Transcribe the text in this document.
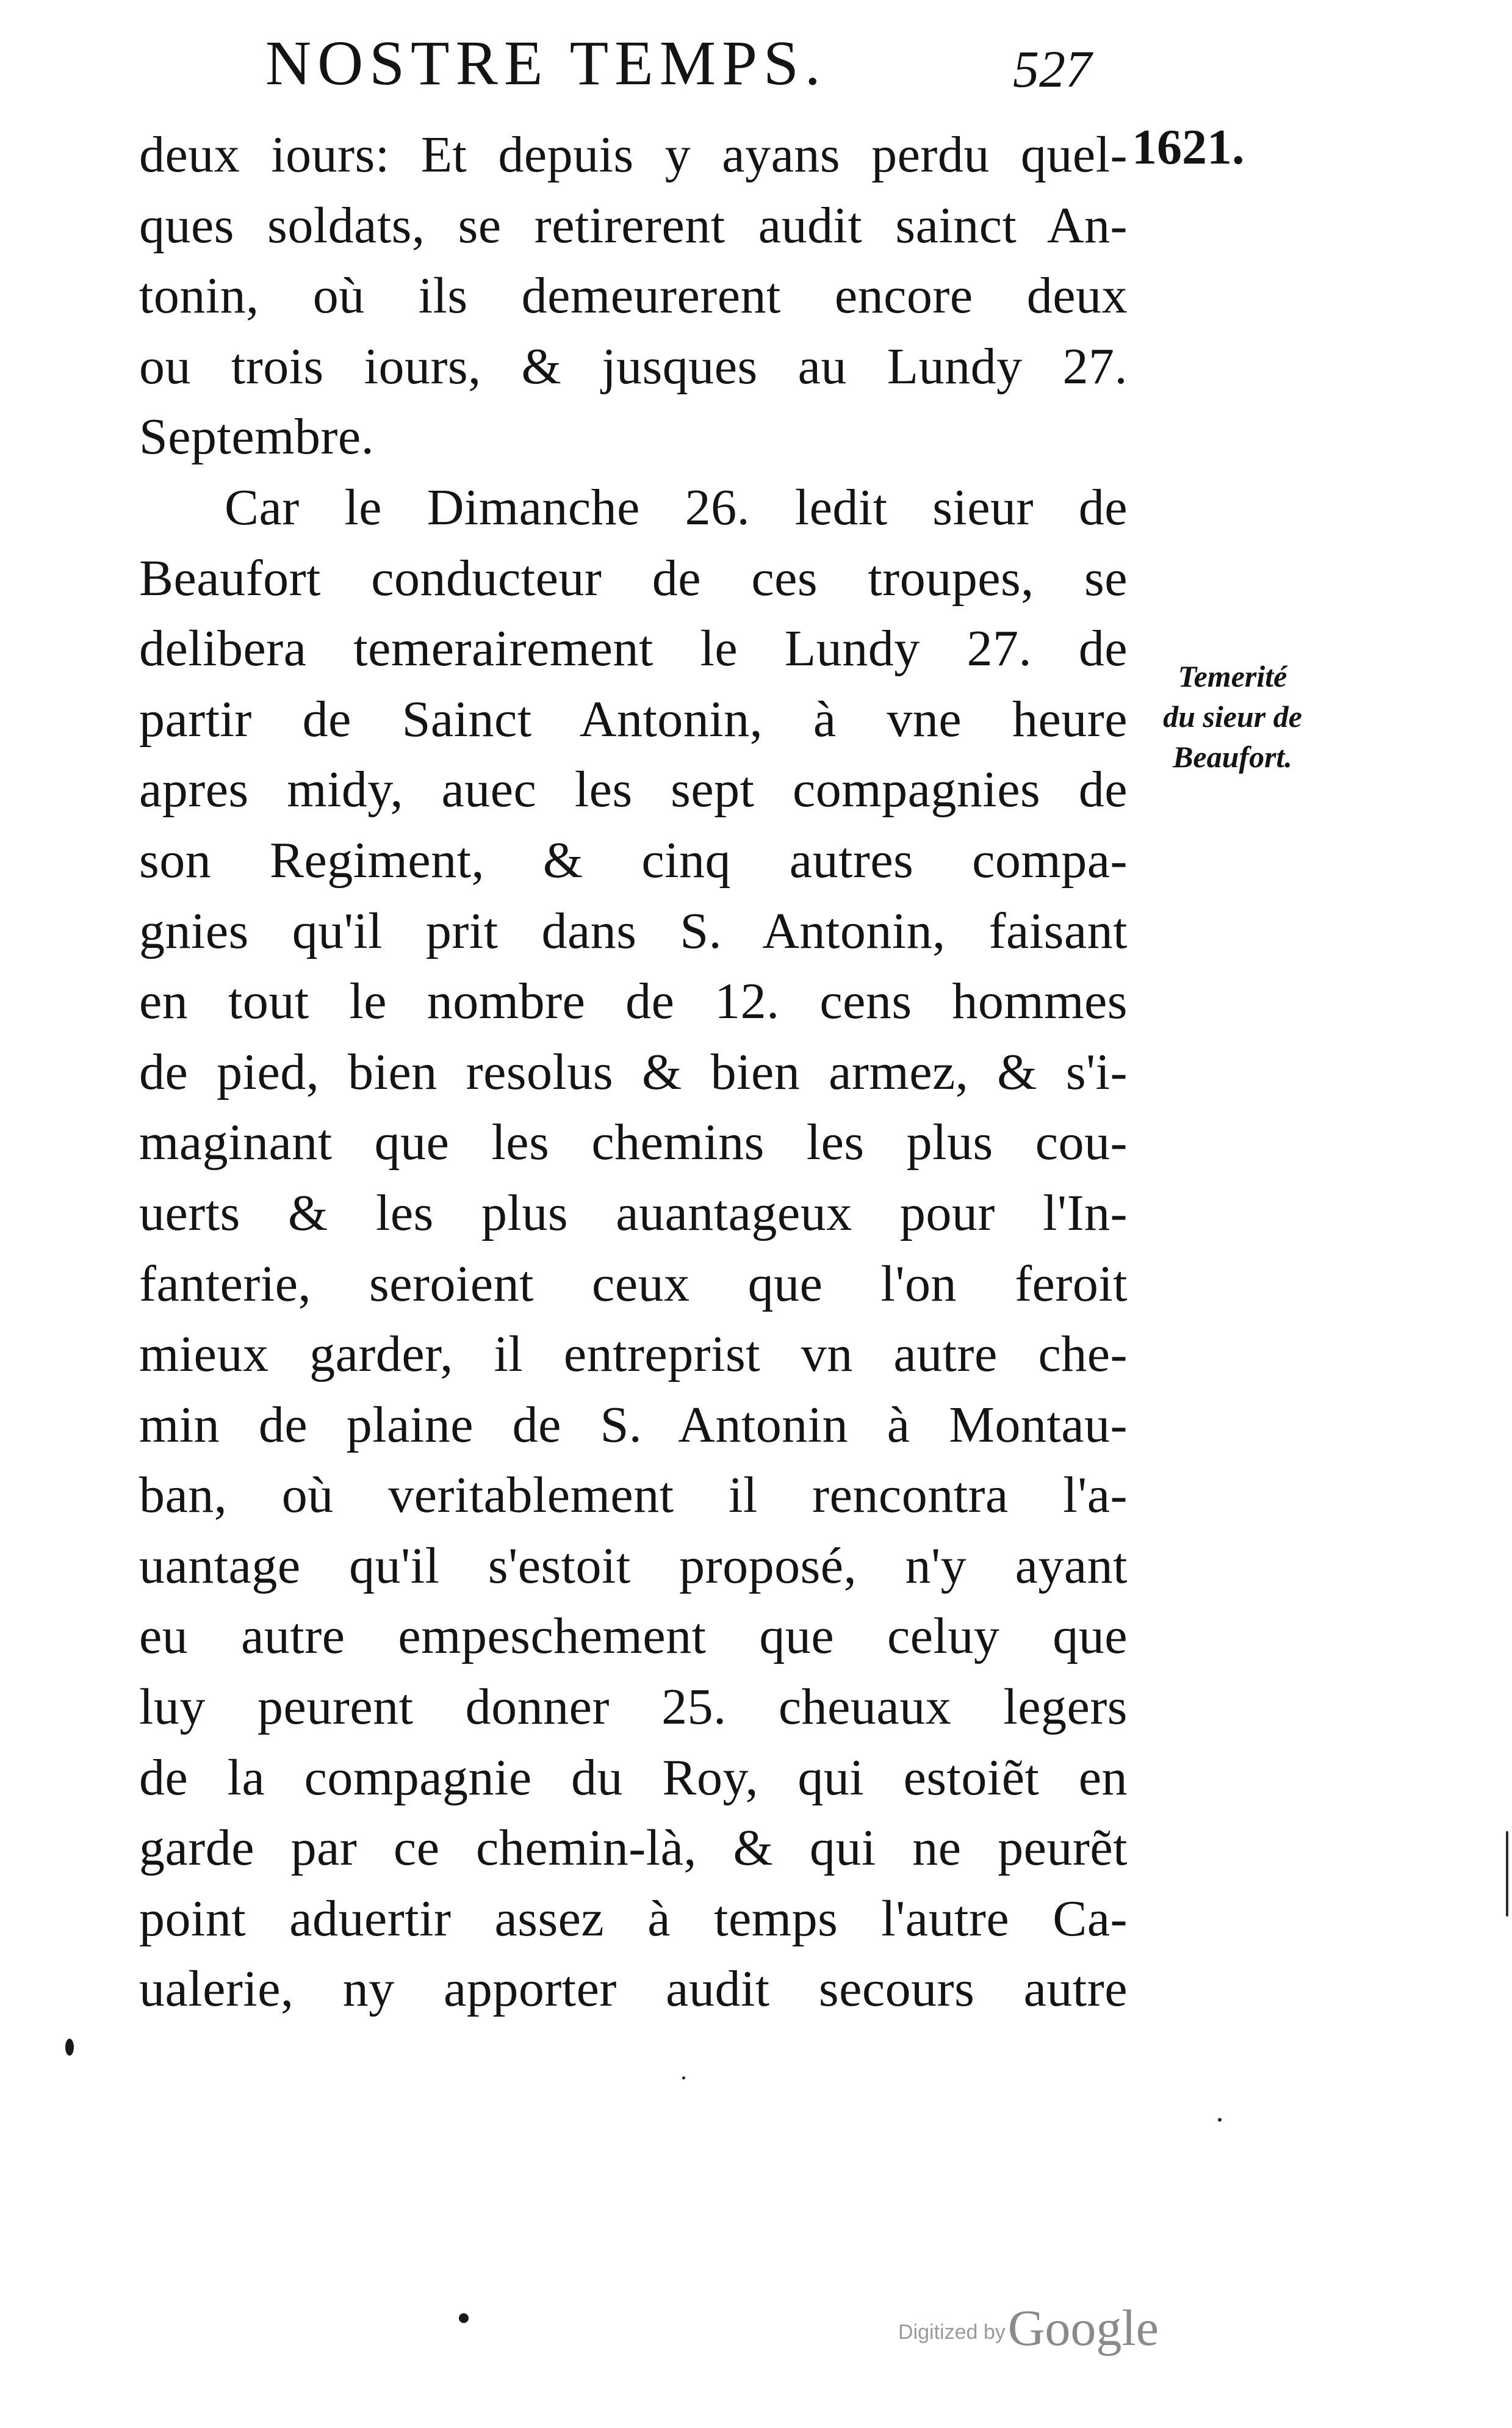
NOSTRE TEMPS.	527
1621.
Temerité
du sieur de
Beaufort.
deux iours: Et depuis y ayans perdu quel-
ques soldats, se retirerent audit sainct An-
tonin, où ils demeurerent encore deux
ou trois iours, & jusques au Lundy 27.
Septembre.
Car le Dimanche 26. ledit sieur de
Beaufort conducteur de ces troupes, se
delibera temerairement le Lundy 27. de
partir de Sainct Antonin, à vne heure
apres midy, auec les sept compagnies de
son Regiment, & cinq autres compa-
gnies qu'il prit dans S. Antonin, faisant
en tout le nombre de 12. cens hommes
de pied, bien resolus & bien armez, & s'i-
maginant que les chemins les plus cou-
uerts & les plus auantageux pour l'In-
fanterie, seroient ceux que l'on feroit
mieux garder, il entreprist vn autre che-
min de plaine de S. Antonin à Montau-
ban, où veritablement il rencontra l'a-
uantage qu'il s'estoit proposé, n'y ayant
eu autre empeschement que celuy que
luy peurent donner 25. cheuaux legers
de la compagnie du Roy, qui estoiẽt en
garde par ce chemin-là, & qui ne peurẽt
point aduertir assez à temps l'autre Ca-
ualerie, ny apporter audit secours autre
Digitized by Google
